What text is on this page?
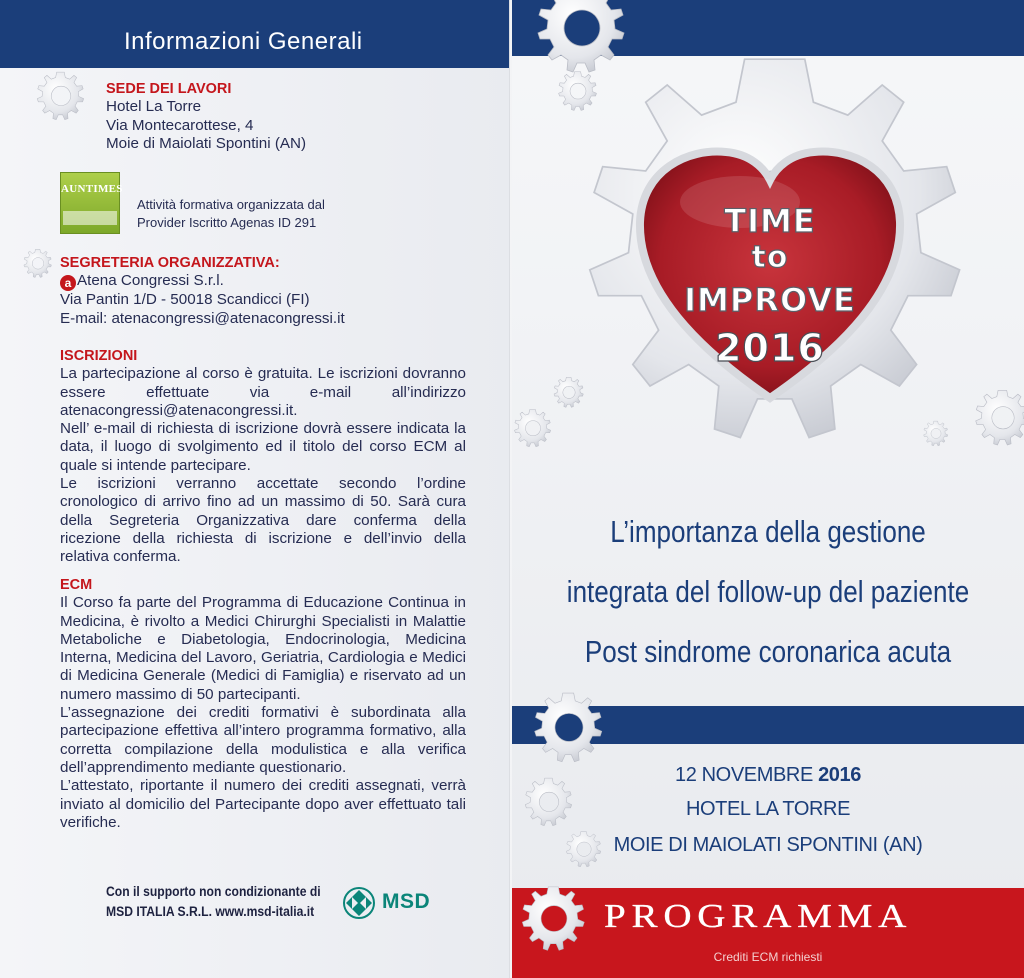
Informazioni Generali
SEDE DEI LAVORI
Hotel La Torre
Via Montecarottese, 4
Moie di Maiolati Spontini (AN)
AUNTIMES
Attività formativa organizzata dal
Provider Iscritto Agenas ID 291
SEGRETERIA ORGANIZZATIVA:
a Atena Congressi S.r.l.
Via Pantin 1/D - 50018 Scandicci (FI)
E-mail: atenacongressi@atenacongressi.it
ISCRIZIONI
La partecipazione al corso è gratuita. Le iscrizioni dovranno essere effettuate via e-mail all’indirizzo atenacongressi@atenacongressi.it.
Nell’ e-mail di richiesta di iscrizione dovrà essere indicata la data, il luogo di svolgimento ed il titolo del corso ECM al quale si intende partecipare.
Le iscrizioni verranno accettate secondo l’ordine cronologico di arrivo fino ad un massimo di 50. Sarà cura della Segreteria Organizzativa dare conferma della ricezione della richiesta di iscrizione e dell’invio della relativa conferma.
ECM
Il Corso fa parte del Programma di Educazione Continua in Medicina, è rivolto a Medici Chirurghi Specialisti in Malattie Metaboliche e Diabetologia, Endocrinologia, Medicina Interna, Medicina del Lavoro, Geriatria, Cardiologia e Medici di Medicina Generale (Medici di Famiglia) e riservato ad un numero massimo di 50 partecipanti.
L’assegnazione dei crediti formativi è subordinata alla partecipazione effettiva all’intero programma formativo, alla corretta compilazione della modulistica e alla verifica dell’apprendimento mediante questionario.
L’attestato, riportante il numero dei crediti assegnati, verrà inviato al domicilio del Partecipante dopo aver effettuato tali verifiche.
Con il supporto non condizionante di
MSD ITALIA S.R.L. www.msd-italia.it	MSD
TIME
to
IMPROVE
2016
L’importanza della gestione
integrata del follow-up del paziente
Post sindrome coronarica acuta
12 NOVEMBRE 2016
HOTEL LA TORRE
MOIE DI MAIOLATI SPONTINI (AN)
PROGRAMMA
Crediti ECM richiesti
